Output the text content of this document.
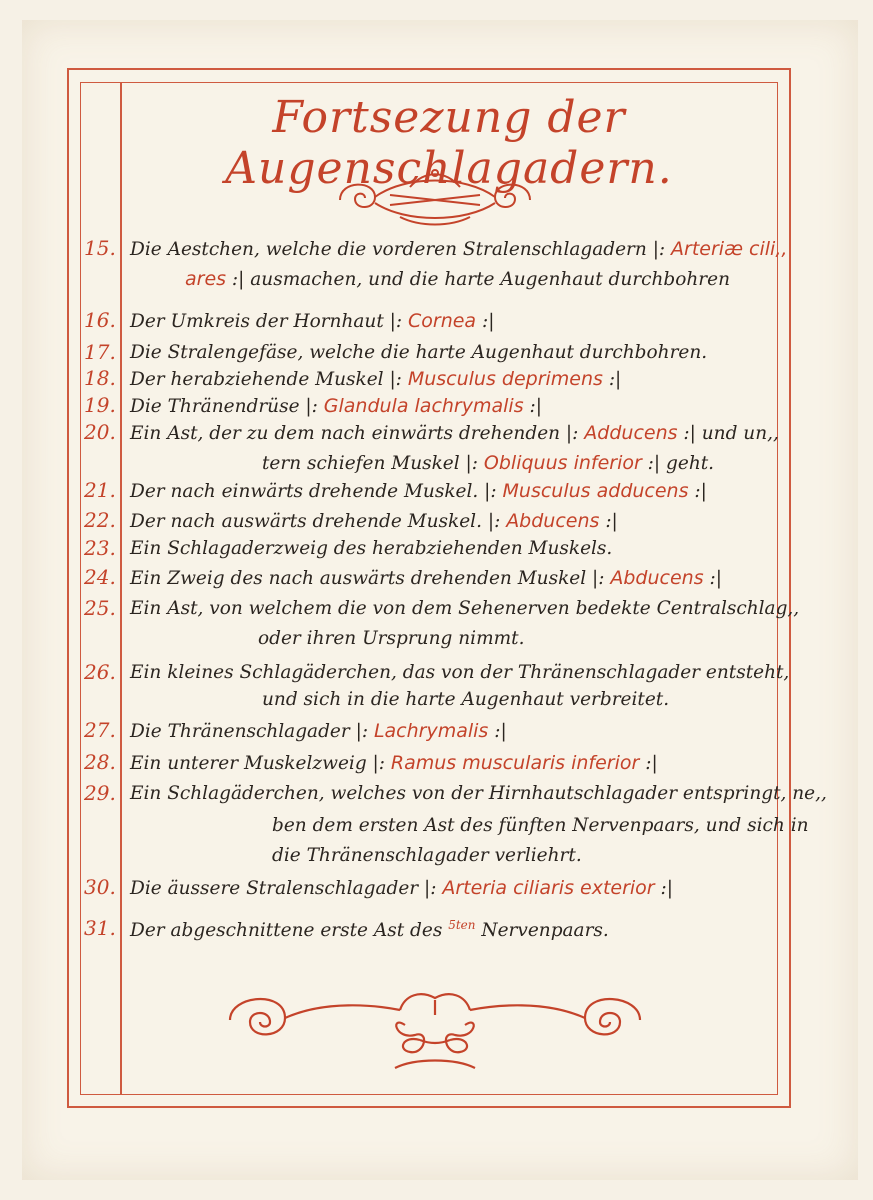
Fortsezung der Augenschlagadern.
15. Die Aestchen, welche die vorderen Stralenschlagadern |: Arteriæ cili,,
ares :| ausmachen, und die harte Augenhaut durchbohren
16. Der Umkreis der Hornhaut |: Cornea :|
17. Die Stralengefäse, welche die harte Augenhaut durchbohren.
18. Der herabziehende Muskel |: Musculus deprimens :|
19. Die Thränendrüse |: Glandula lachrymalis :|
20. Ein Ast, der zu dem nach einwärts drehenden |: Adducens :| und un,,
tern schiefen Muskel |: Obliquus inferior :| geht.
21. Der nach einwärts drehende Muskel. |: Musculus adducens :|
22. Der nach auswärts drehende Muskel. |: Abducens :|
23. Ein Schlagaderzweig des herabziehenden Muskels.
24. Ein Zweig des nach auswärts drehenden Muskel |: Abducens :|
25. Ein Ast, von welchem die von dem Sehenerven bedekte Centralschlag,,
oder ihren Ursprung nimmt.
26. Ein kleines Schlagäderchen, das von der Thränenschlagader entsteht,
und sich in die harte Augenhaut verbreitet.
27. Die Thränenschlagader |: Lachrymalis :|
28. Ein unterer Muskelzweig |: Ramus muscularis inferior :|
29. Ein Schlagäderchen, welches von der Hirnhautschlagader entspringt, ne,,
ben dem ersten Ast des fünften Nervenpaars, und sich in
die Thränenschlagader verliehrt.
30. Die äussere Stralenschlagader |: Arteria ciliaris exterior :|
31. Der abgeschnittene erste Ast des $^{5ten}$ Nervenpaars.
